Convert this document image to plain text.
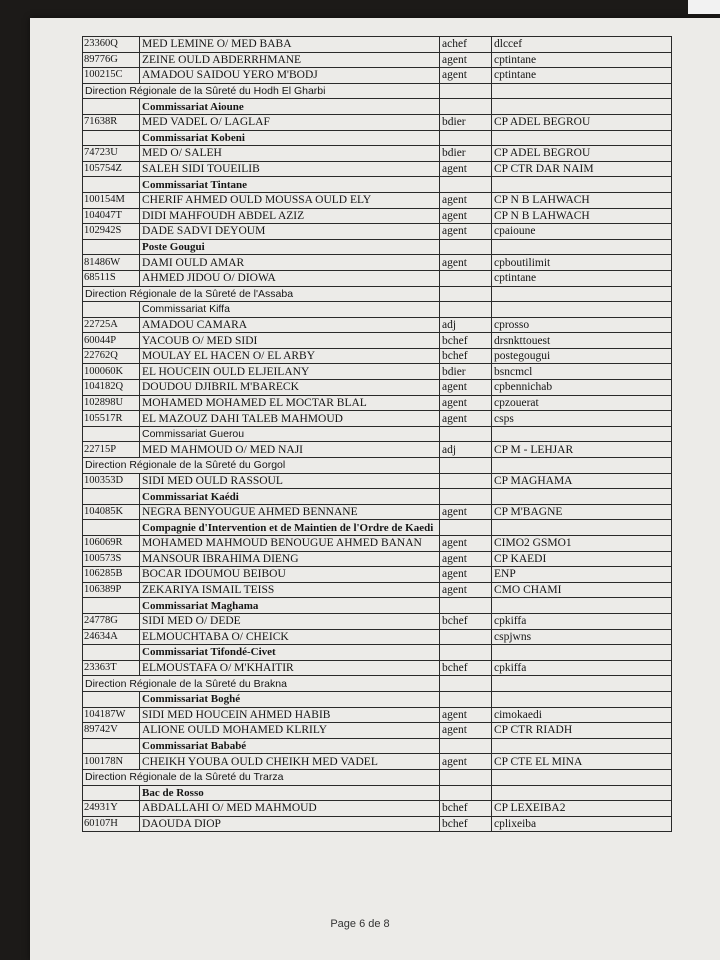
23360Q	MED LEMINE O/ MED BABA	achef	dlccef
89776G	ZEINE OULD ABDERRHMANE	agent	cptintane
100215C	AMADOU SAIDOU YERO M'BODJ	agent	cptintane
Direction Régionale de la Sûreté du Hodh El Gharbi			
	Commissariat Aioune		
71638R	MED VADEL O/ LAGLAF	bdier	CP ADEL BEGROU
	Commissariat Kobeni		
74723U	MED O/ SALEH	bdier	CP ADEL BEGROU
105754Z	SALEH SIDI TOUEILIB	agent	CP CTR DAR NAIM
	Commissariat Tintane		
100154M	CHERIF AHMED OULD MOUSSA OULD ELY	agent	CP N B LAHWACH
104047T	DIDI MAHFOUDH ABDEL AZIZ	agent	CP N B LAHWACH
102942S	DADE SADVI DEYOUM	agent	cpaioune
	Poste Gougui		
81486W	DAMI OULD AMAR	agent	cpboutilimit
68511S	AHMED JIDOU O/ DIOWA		cptintane
Direction Régionale de la Sûreté de l'Assaba			
	Commissariat Kiffa		
22725A	AMADOU CAMARA	adj	cprosso
60044P	YACOUB O/ MED SIDI	bchef	drsnkttouest
22762Q	MOULAY EL HACEN O/ EL ARBY	bchef	postegougui
100060K	EL HOUCEIN OULD ELJEILANY	bdier	bsncmcl
104182Q	DOUDOU DJIBRIL M'BARECK	agent	cpbennichab
102898U	MOHAMED MOHAMED EL MOCTAR BLAL	agent	cpzouerat
105517R	EL MAZOUZ DAHI TALEB MAHMOUD	agent	csps
	Commissariat Guerou		
22715P	MED MAHMOUD O/ MED NAJI	adj	CP M - LEHJAR
Direction Régionale de la Sûreté du Gorgol			
100353D	SIDI MED OULD RASSOUL		CP MAGHAMA
	Commissariat Kaédi		
104085K	NEGRA BENYOUGUE AHMED BENNANE	agent	CP M'BAGNE
	Compagnie d'Intervention et de Maintien de l'Ordre de Kaedi		
106069R	MOHAMED MAHMOUD BENOUGUE AHMED BANAN	agent	CIMO2 GSMO1
100573S	MANSOUR IBRAHIMA DIENG	agent	CP KAEDI
106285B	BOCAR IDOUMOU BEIBOU	agent	ENP
106389P	ZEKARIYA ISMAIL TEISS	agent	CMO CHAMI
	Commissariat Maghama		
24778G	SIDI MED O/ DEDE	bchef	cpkiffa
24634A	ELMOUCHTABA O/ CHEICK		cspjwns
	Commissariat Tifondé-Civet		
23363T	ELMOUSTAFA O/ M'KHAITIR	bchef	cpkiffa
Direction Régionale de la Sûreté du Brakna			
	Commissariat Boghé		
104187W	SIDI MED HOUCEIN AHMED HABIB	agent	cimokaedi
89742V	ALIONE OULD MOHAMED KLRILY	agent	CP CTR RIADH
	Commissariat Bababé		
100178N	CHEIKH YOUBA OULD CHEIKH MED VADEL	agent	CP CTE EL MINA
Direction Régionale de la Sûreté du Trarza			
	Bac de Rosso		
24931Y	ABDALLAHI O/ MED MAHMOUD	bchef	CP LEXEIBA2
60107H	DAOUDA DIOP	bchef	cplixeiba
Page 6 de 8
